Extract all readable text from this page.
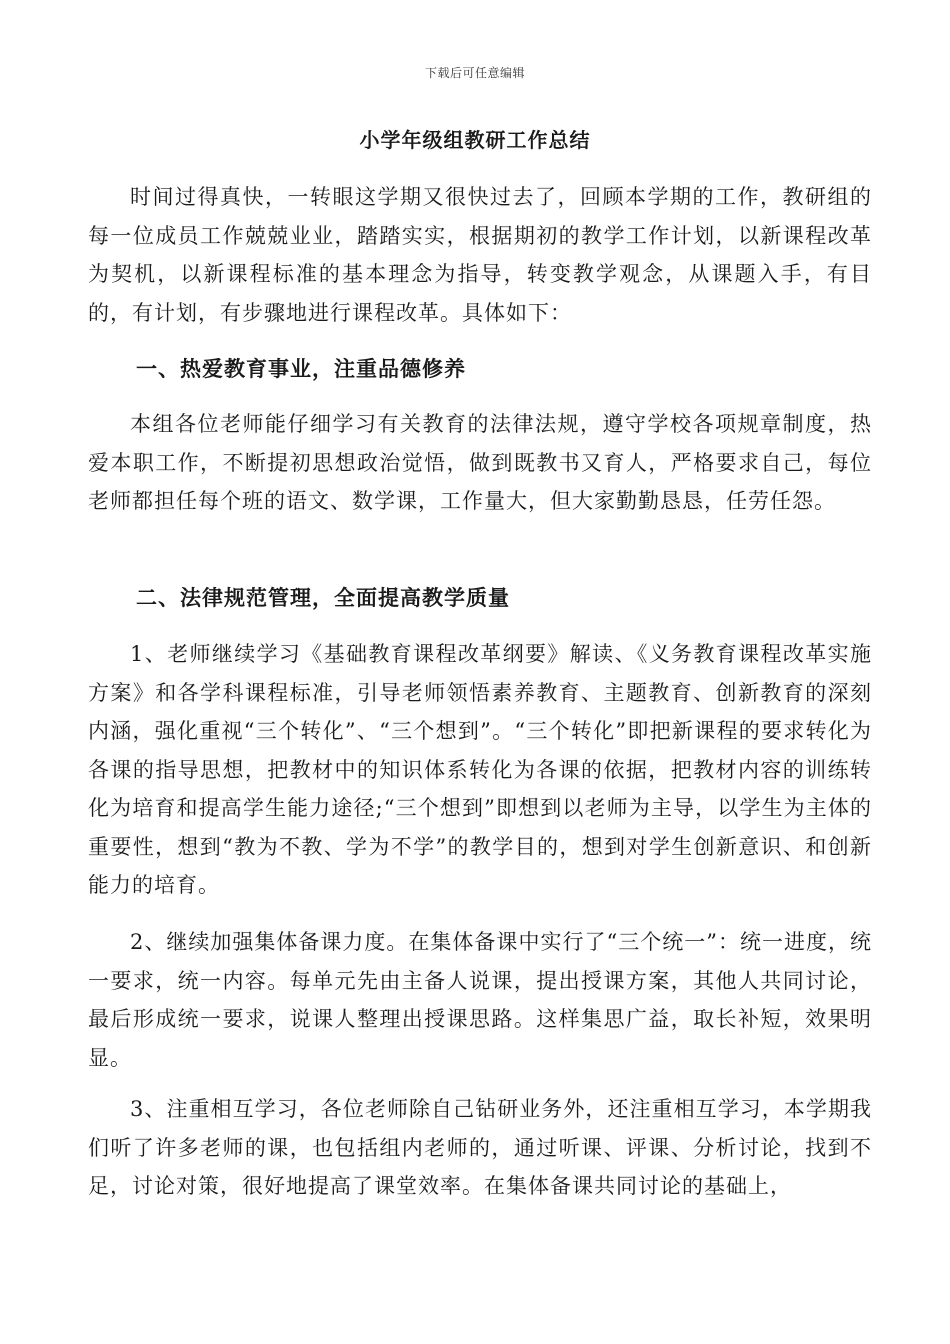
下载后可任意编辑
小学年级组教研工作总结

时间过得真快，一转眼这学期又很快过去了，回顾本学期的工作，教研组的每一位成员工作兢兢业业，踏踏实实，根据期初的教学工作计划，以新课程改革为契机，以新课程标准的基本理念为指导，转变教学观念，从课题入手，有目的，有计划，有步骤地进行课程改革。具体如下：

一、热爱教育事业，注重品德修养

本组各位老师能仔细学习有关教育的法律法规，遵守学校各项规章制度，热爱本职工作，不断提初思想政治觉悟，做到既教书又育人，严格要求自己，每位老师都担任每个班的语文、数学课，工作量大，但大家勤勤恳恳，任劳任怨。

二、法律规范管理，全面提高教学质量

1、老师继续学习《基础教育课程改革纲要》解读、《义务教育课程改革实施方案》和各学科课程标准，引导老师领悟素养教育、主题教育、创新教育的深刻内涵，强化重视“三个转化”、“三个想到”。“三个转化”即把新课程的要求转化为各课的指导思想，把教材中的知识体系转化为各课的依据，把教材内容的训练转化为培育和提高学生能力途径;“三个想到”即想到以老师为主导，以学生为主体的重要性，想到“教为不教、学为不学”的教学目的，想到对学生创新意识、和创新能力的培育。

2、继续加强集体备课力度。在集体备课中实行了“三个统一”：统一进度，统一要求，统一内容。每单元先由主备人说课，提出授课方案，其他人共同讨论，最后形成统一要求，说课人整理出授课思路。这样集思广益，取长补短，效果明显。

3、注重相互学习，各位老师除自己钻研业务外，还注重相互学习，本学期我们听了许多老师的课，也包括组内老师的，通过听课、评课、分析讨论，找到不足，讨论对策，很好地提高了课堂效率。在集体备课共同讨论的基础上，
